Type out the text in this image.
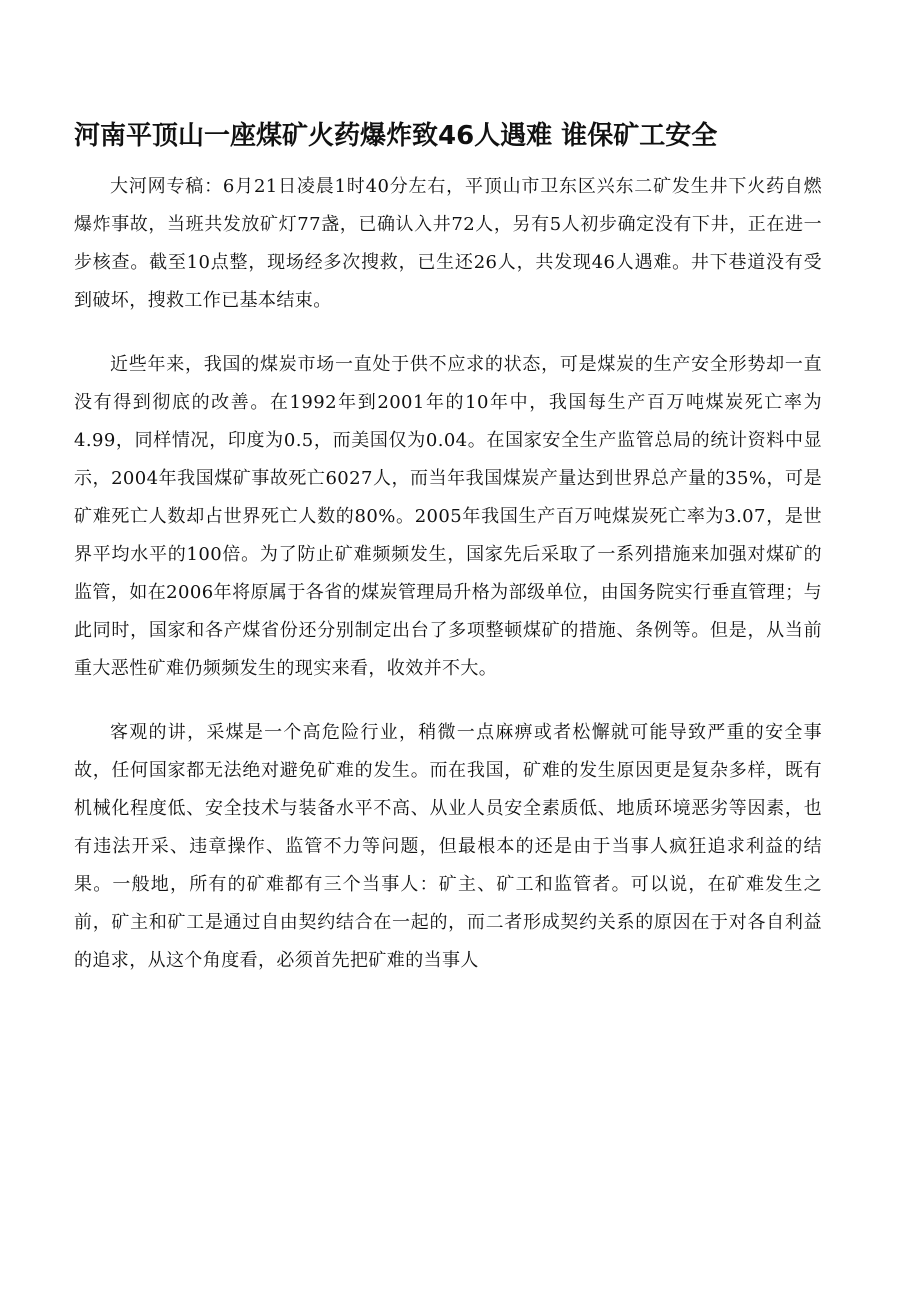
河南平顶山一座煤矿火药爆炸致46人遇难 谁保矿工安全

大河网专稿：6月21日凌晨1时40分左右，平顶山市卫东区兴东二矿发生井下火药自燃爆炸事故，当班共发放矿灯77盏，已确认入井72人，另有5人初步确定没有下井，正在进一步核查。截至10点整，现场经多次搜救，已生还26人，共发现46人遇难。井下巷道没有受到破坏，搜救工作已基本结束。

近些年来，我国的煤炭市场一直处于供不应求的状态，可是煤炭的生产安全形势却一直没有得到彻底的改善。在1992年到2001年的10年中，我国每生产百万吨煤炭死亡率为4.99，同样情况，印度为0.5，而美国仅为0.04。在国家安全生产监管总局的统计资料中显示，2004年我国煤矿事故死亡6027人，而当年我国煤炭产量达到世界总产量的35%，可是矿难死亡人数却占世界死亡人数的80%。2005年我国生产百万吨煤炭死亡率为3.07，是世界平均水平的100倍。为了防止矿难频频发生，国家先后采取了一系列措施来加强对煤矿的监管，如在2006年将原属于各省的煤炭管理局升格为部级单位，由国务院实行垂直管理；与此同时，国家和各产煤省份还分别制定出台了多项整顿煤矿的措施、条例等。但是，从当前重大恶性矿难仍频频发生的现实来看，收效并不大。

客观的讲，采煤是一个高危险行业，稍微一点麻痹或者松懈就可能导致严重的安全事故，任何国家都无法绝对避免矿难的发生。而在我国，矿难的发生原因更是复杂多样，既有机械化程度低、安全技术与装备水平不高、从业人员安全素质低、地质环境恶劣等因素，也有违法开采、违章操作、监管不力等问题，但最根本的还是由于当事人疯狂追求利益的结果。一般地，所有的矿难都有三个当事人：矿主、矿工和监管者。可以说，在矿难发生之前，矿主和矿工是通过自由契约结合在一起的，而二者形成契约关系的原因在于对各自利益的追求，从这个角度看，必须首先把矿难的当事人
